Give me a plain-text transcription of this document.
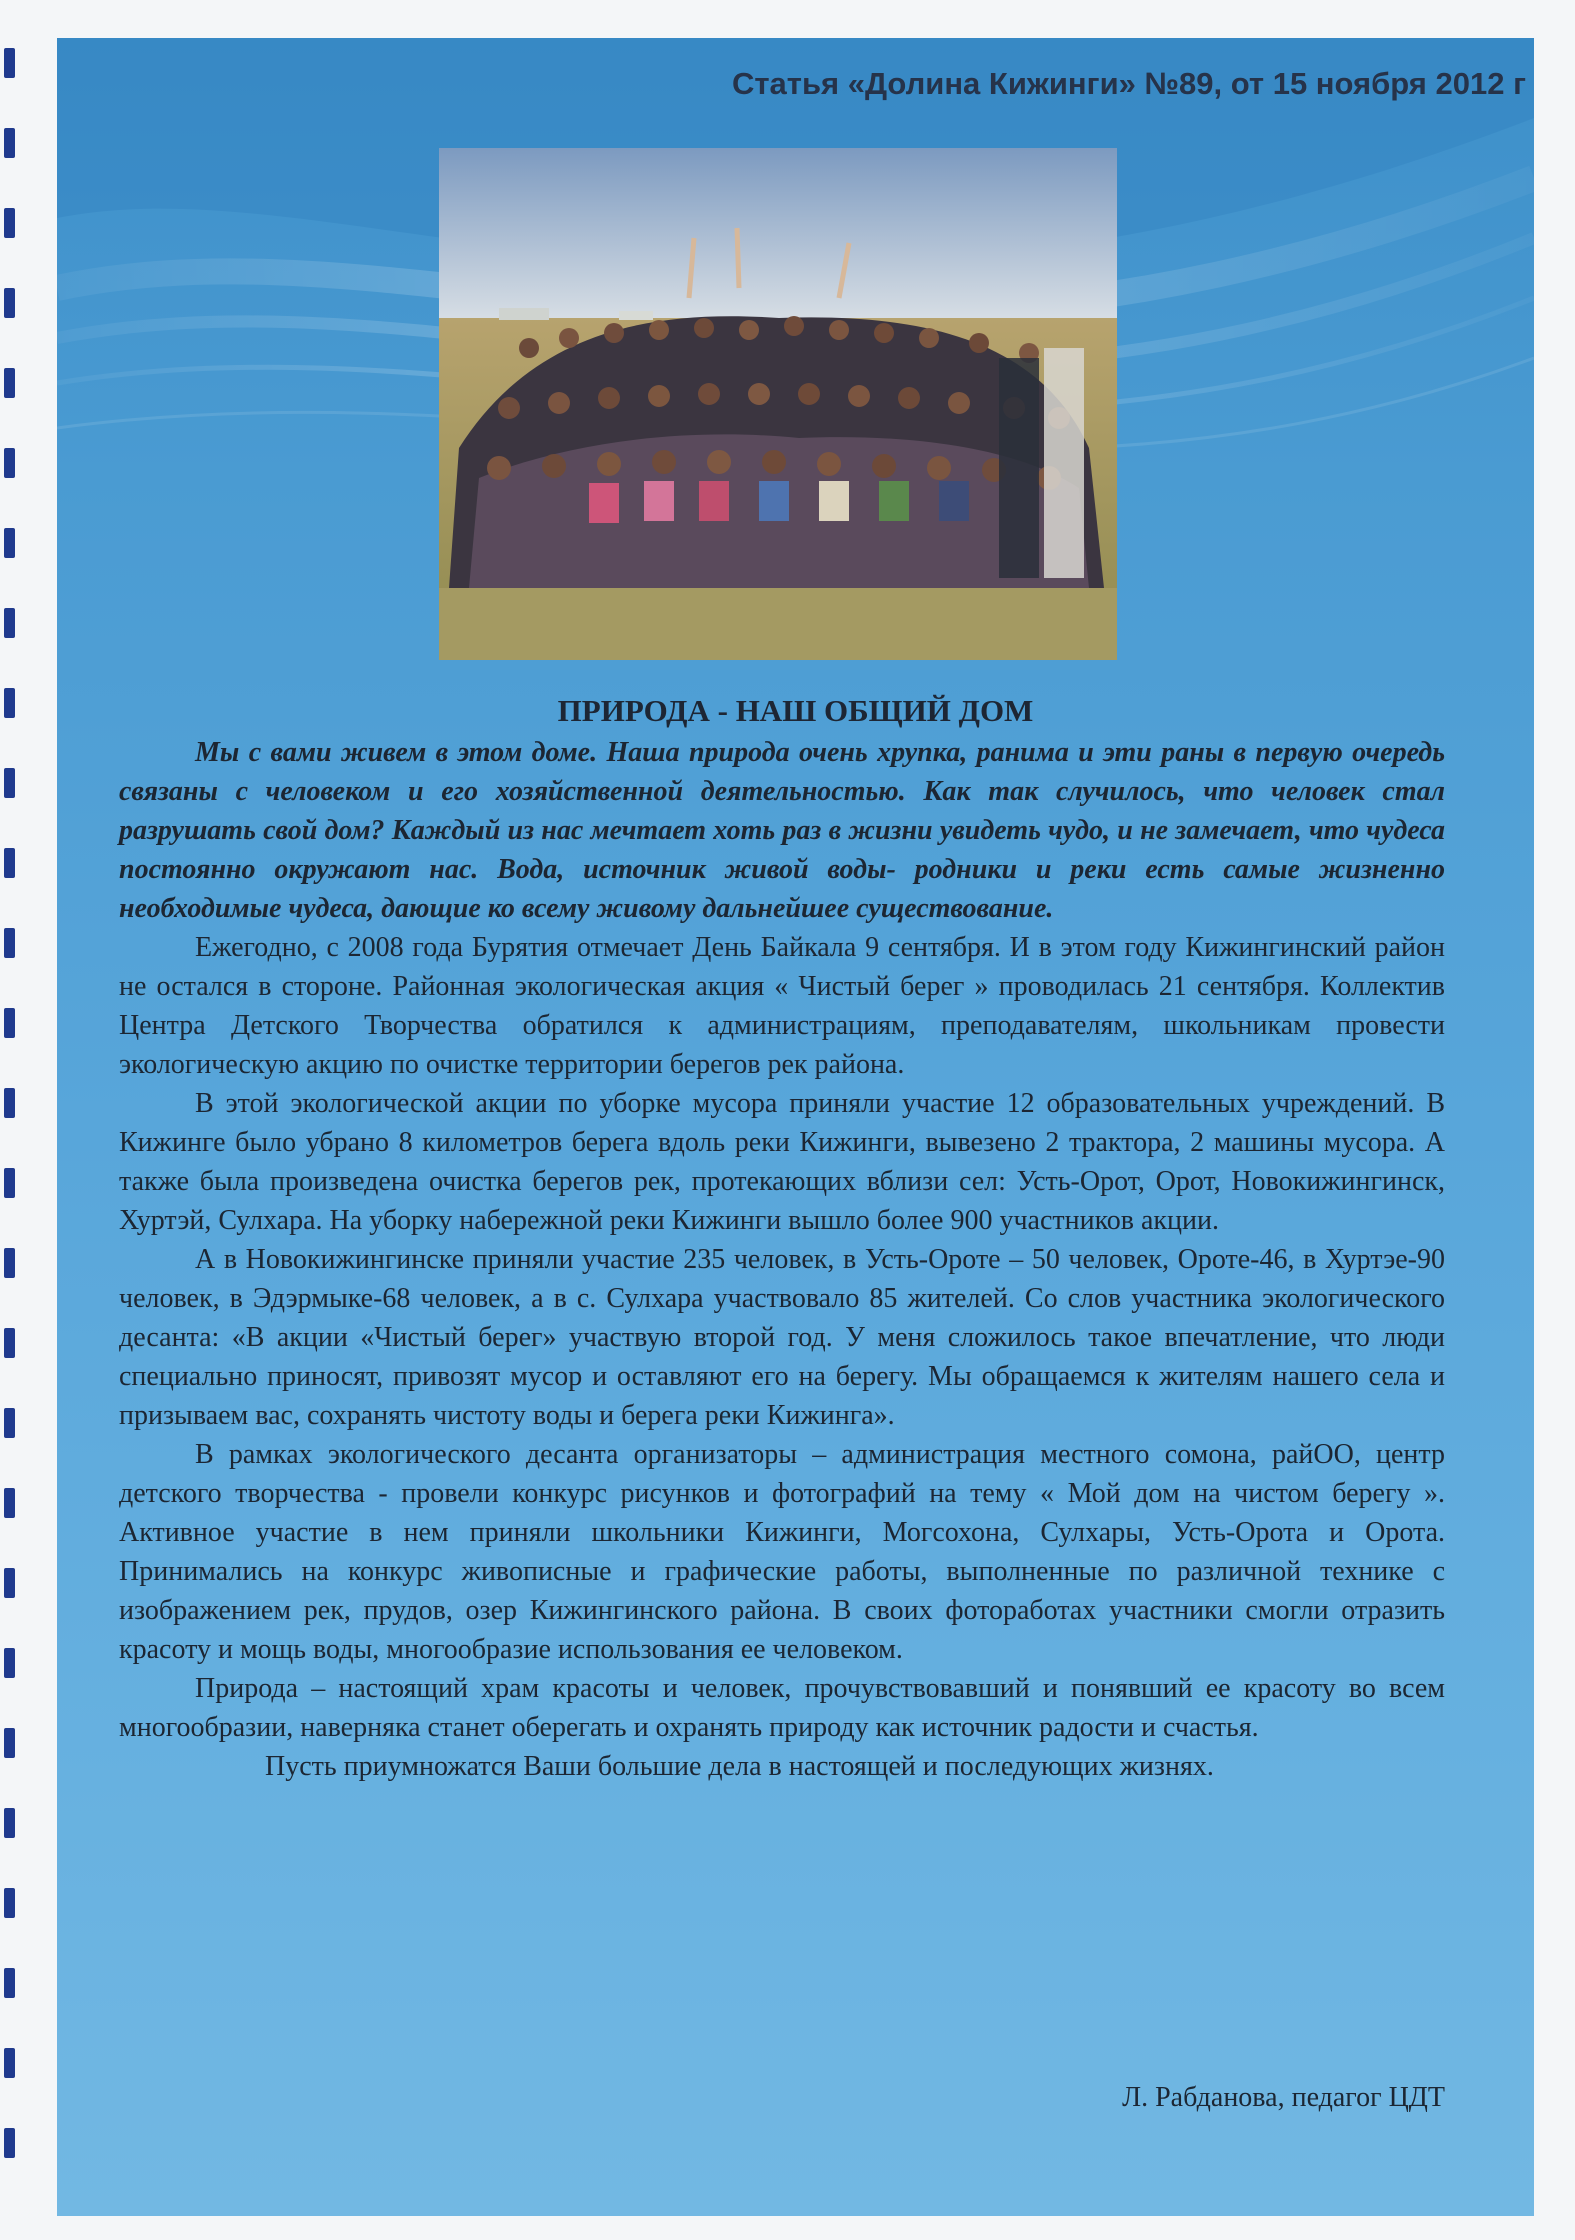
Статья «Долина Кижинги» №89, от 15 ноября 2012 г
ПРИРОДА - НАШ ОБЩИЙ ДОМ

Мы с вами живем в этом доме. Наша природа очень хрупка, ранима и эти раны в первую очередь связаны с человеком и его хозяйственной деятельностью. Как так случилось, что человек стал разрушать свой дом? Каждый из нас мечтает хоть раз в жизни увидеть чудо, и не замечает, что чудеса постоянно окружают нас. Вода, источник живой воды- родники и реки есть самые жизненно необходимые чудеса, дающие ко всему живому дальнейшее существование.

Ежегодно, с 2008 года Бурятия отмечает День Байкала 9 сентября. И в этом году Кижингинский район не остался в стороне. Районная экологическая акция « Чистый берег » проводилась 21 сентября. Коллектив Центра Детского Творчества обратился к администрациям, преподавателям, школьникам провести экологическую акцию по очистке территории берегов рек района.

В этой экологической акции по уборке мусора приняли участие 12 образовательных учреждений. В Кижинге было убрано 8 километров берега вдоль реки Кижинги, вывезено 2 трактора, 2 машины мусора. А также была произведена очистка берегов рек, протекающих вблизи сел: Усть-Орот, Орот, Новокижингинск, Хуртэй, Сулхара. На уборку набережной реки Кижинги вышло более 900 участников акции.

А в Новокижингинске приняли участие 235 человек, в Усть-Ороте – 50 человек, Ороте-46, в Хуртэе-90 человек, в Эдэрмыке-68 человек, а в с. Сулхара участвовало 85 жителей. Со слов участника экологического десанта: «В акции «Чистый берег» участвую второй год. У меня сложилось такое впечатление, что люди специально приносят, привозят мусор и оставляют его на берегу. Мы обращаемся к жителям нашего села и призываем вас, сохранять чистоту воды и берега реки Кижинга».

В рамках экологического десанта организаторы – администрация местного сомона, райОО, центр детского творчества - провели конкурс рисунков и фотографий на тему « Мой дом на чистом берегу ». Активное участие в нем приняли школьники Кижинги, Могсохона, Сулхары, Усть-Орота и Орота. Принимались на конкурс живописные и графические работы, выполненные по различной технике с изображением рек, прудов, озер Кижингинского района. В своих фотоработах участники смогли отразить красоту и мощь воды, многообразие использования ее человеком.

Природа – настоящий храм красоты и человек, прочувствовавший и понявший ее красоту во всем многообразии, наверняка станет оберегать и охранять природу как источник радости и счастья.

Пусть приумножатся Ваши большие дела в настоящей и последующих жизнях.

Л. Рабданова, педагог ЦДТ
